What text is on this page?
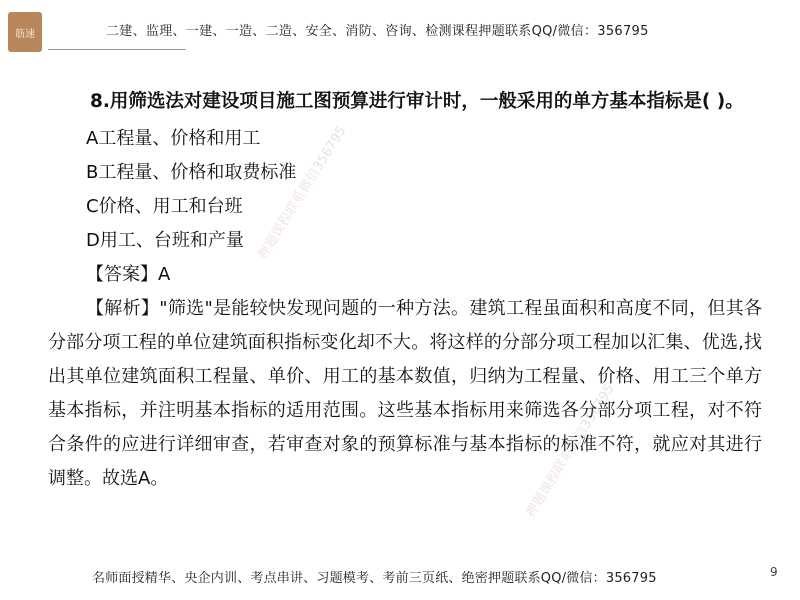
筋速	二建、监理、一建、一造、二造、安全、消防、咨询、检测课程押题联系QQ/微信：356795

8.用筛选法对建设项目施工图预算进行审计时，一般采用的单方基本指标是( )。

A工程量、价格和用工

B工程量、价格和取费标准

C价格、用工和台班

D用工、台班和产量

【答案】A

【解析】"筛选"是能较快发现问题的一种方法。建筑工程虽面积和高度不同，但其各分部分项工程的单位建筑面积指标变化却不大。将这样的分部分项工程加以汇集、优选,找出其单位建筑面积工程量、单价、用工的基本数值，归纳为工程量、价格、用工三个单方基本指标，并注明基本指标的适用范围。这些基本指标用来筛选各分部分项工程，对不符合条件的应进行详细审查，若审查对象的预算标准与基本指标的标准不符，就应对其进行调整。故选A。

押题课程联系微信356795
押题课程联系微信356795
名师面授精华、央企内训、考点串讲、习题模考、考前三页纸、绝密押题联系QQ/微信：356795	9
